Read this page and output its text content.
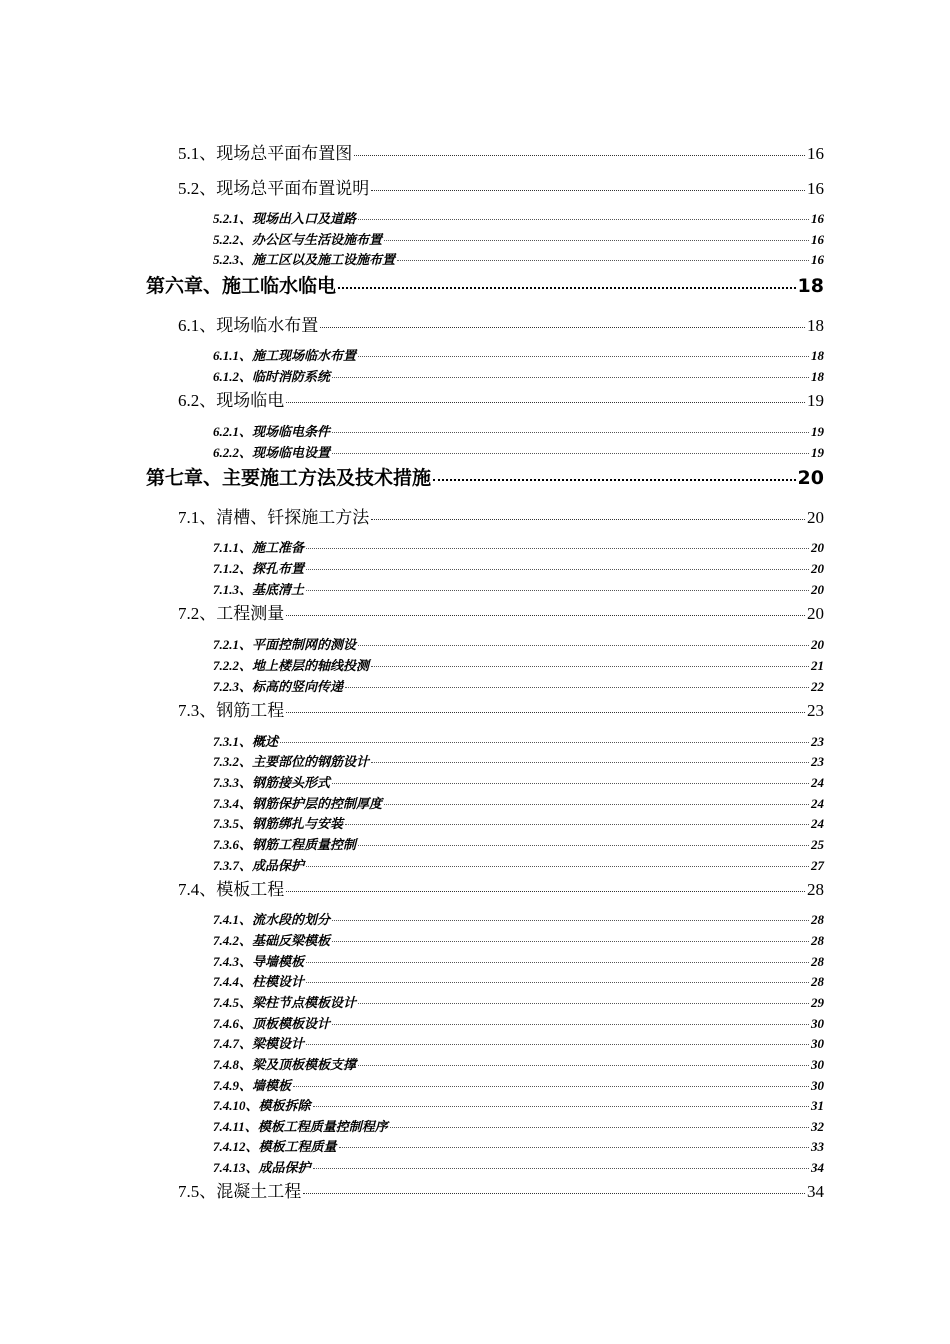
5.1、现场总平面布置图	16
5.2、现场总平面布置说明	16
5.2.1、现场出入口及道路	16
5.2.2、办公区与生活设施布置	16
5.2.3、施工区以及施工设施布置	16
第六章、施工临水临电	18
6.1、现场临水布置	18
6.1.1、施工现场临水布置	18
6.1.2、临时消防系统	18
6.2、现场临电	19
6.2.1、现场临电条件	19
6.2.2、现场临电设置	19
第七章、主要施工方法及技术措施	20
7.1、清槽、钎探施工方法	20
7.1.1、施工准备	20
7.1.2、探孔布置	20
7.1.3、基底清土	20
7.2、工程测量	20
7.2.1、平面控制网的测设	20
7.2.2、地上楼层的轴线投测	21
7.2.3、标高的竖向传递	22
7.3、钢筋工程	23
7.3.1、概述	23
7.3.2、主要部位的钢筋设计	23
7.3.3、钢筋接头形式	24
7.3.4、钢筋保护层的控制厚度	24
7.3.5、钢筋绑扎与安装	24
7.3.6、钢筋工程质量控制	25
7.3.7、成品保护	27
7.4、模板工程	28
7.4.1、流水段的划分	28
7.4.2、基础反梁模板	28
7.4.3、导墙模板	28
7.4.4、柱模设计	28
7.4.5、梁柱节点模板设计	29
7.4.6、顶板模板设计	30
7.4.7、梁模设计	30
7.4.8、梁及顶板模板支撑	30
7.4.9、墙模板	30
7.4.10、模板拆除	31
7.4.11、模板工程质量控制程序	32
7.4.12、模板工程质量	33
7.4.13、成品保护	34
7.5、混凝土工程	34
